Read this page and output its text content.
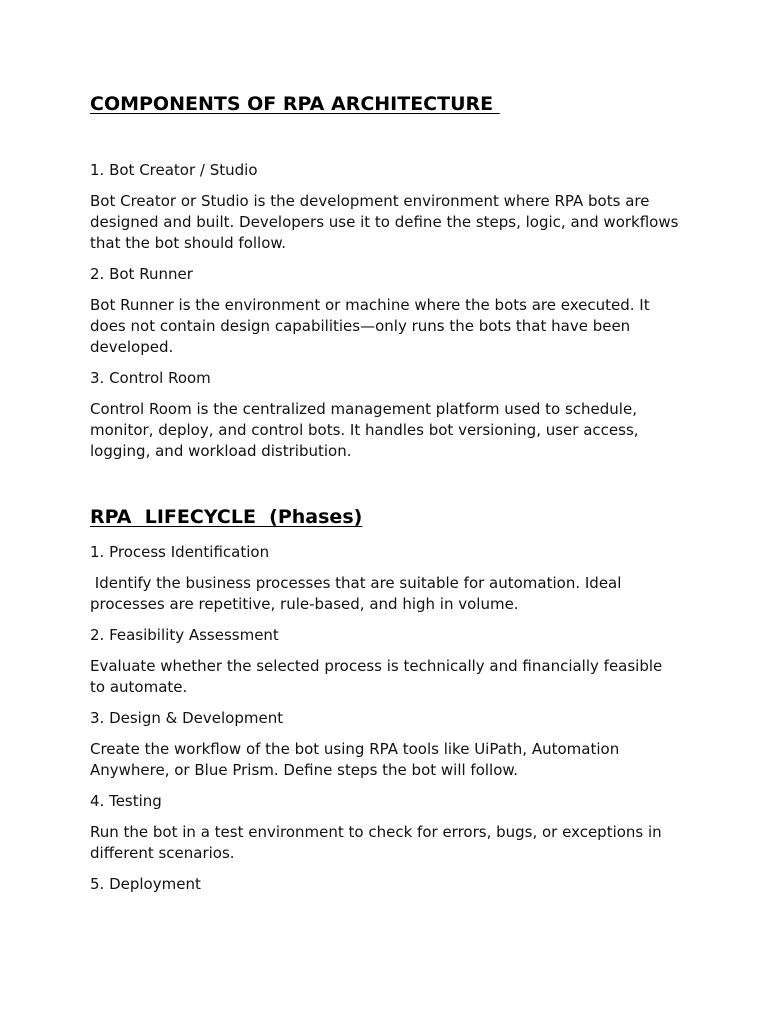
COMPONENTS OF RPA ARCHITECTURE

1. Bot Creator / Studio

Bot Creator or Studio is the development environment where RPA bots are designed and built. Developers use it to define the steps, logic, and workflows that the bot should follow.

2. Bot Runner

Bot Runner is the environment or machine where the bots are executed. It does not contain design capabilities—only runs the bots that have been developed.

3. Control Room

Control Room is the centralized management platform used to schedule, monitor, deploy, and control bots. It handles bot versioning, user access, logging, and workload distribution.

RPA  LIFECYCLE  (Phases)

1. Process Identification

Identify the business processes that are suitable for automation. Ideal processes are repetitive, rule-based, and high in volume.

2. Feasibility Assessment

Evaluate whether the selected process is technically and financially feasible to automate.

3. Design & Development

Create the workflow of the bot using RPA tools like UiPath, Automation Anywhere, or Blue Prism. Define steps the bot will follow.

4. Testing

Run the bot in a test environment to check for errors, bugs, or exceptions in different scenarios.

5. Deployment
